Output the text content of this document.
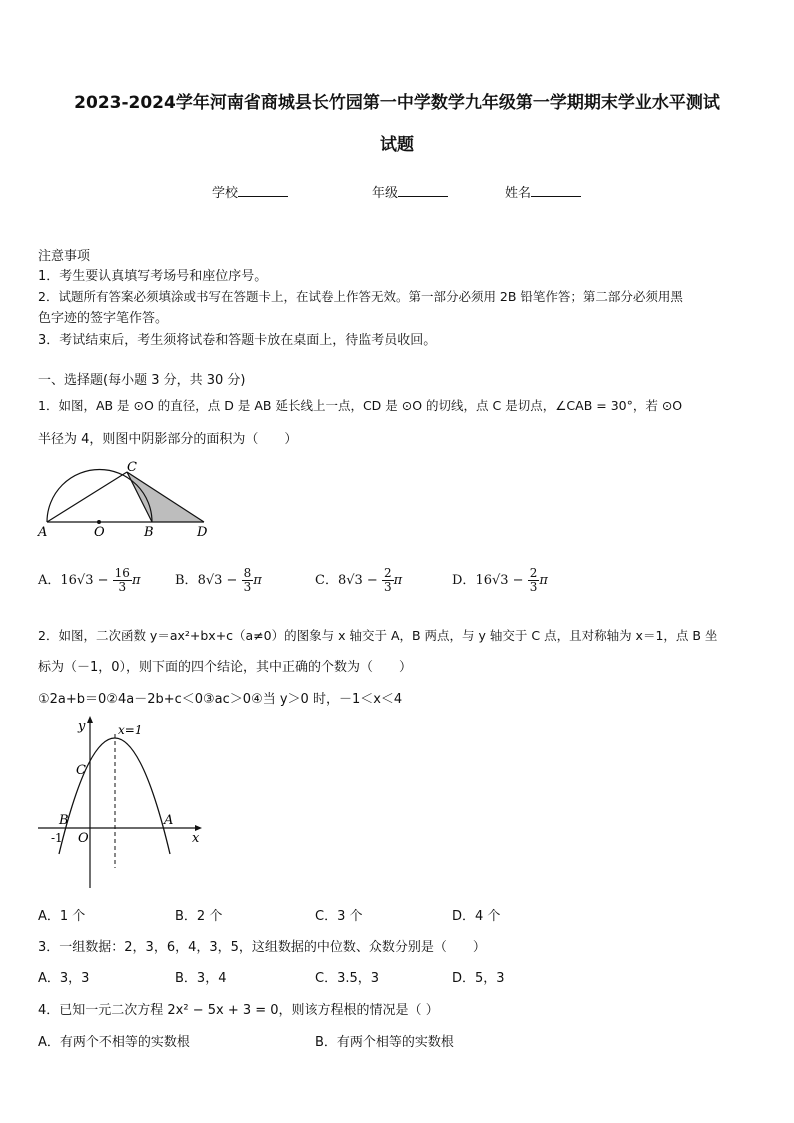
2023-2024学年河南省商城县长竹园第一中学数学九年级第一学期期末学业水平测试
试题
学校	年级	姓名
注意事项
1．考生要认真填写考场号和座位序号。
2．试题所有答案必须填涂或书写在答题卡上，在试卷上作答无效。第一部分必须用 2B 铅笔作答；第二部分必须用黑
色字迹的签字笔作答。
3．考试结束后，考生须将试卷和答题卡放在桌面上，待监考员收回。
一、选择题(每小题 3 分，共 30 分)
1．如图，AB 是 ⊙O 的直径，点 D 是 AB 延长线上一点，CD 是 ⊙O 的切线，点 C 是切点，∠CAB = 30°，若 ⊙O
半径为 4，则图中阴影部分的面积为（　　）
A	O	B
C
D
A．$16√3 - \frac{16}{3}$ π	B．$8√3 - \frac{8}{3}$ π	C．$8√3 - \frac{2}{3}$ π	D．$16√3 - \frac{2}{3}$ π
2．如图，二次函数 y＝ax²+bx+c（a≠0）的图象与 x 轴交于 A，B 两点，与 y 轴交于 C 点，且对称轴为 x＝1，点 B 坐
标为（－1，0），则下面的四个结论，其中正确的个数为（　　）
①2a+b＝0②4a－2b+c＜0③ac＞0④当 y＞0 时，－1＜x＜4
y
x
x=1
C
B	A
-1 O
A．1 个	B．2 个	C．3 个	D．4 个
3．一组数据：2，3，6，4，3，5，这组数据的中位数、众数分别是（　　）
A．3，3	B．3，4	C．3.5，3	D．5，3
4．已知一元二次方程 2x² − 5x + 3 = 0，则该方程根的情况是（ ）
A．有两个不相等的实数根	B．有两个相等的实数根
